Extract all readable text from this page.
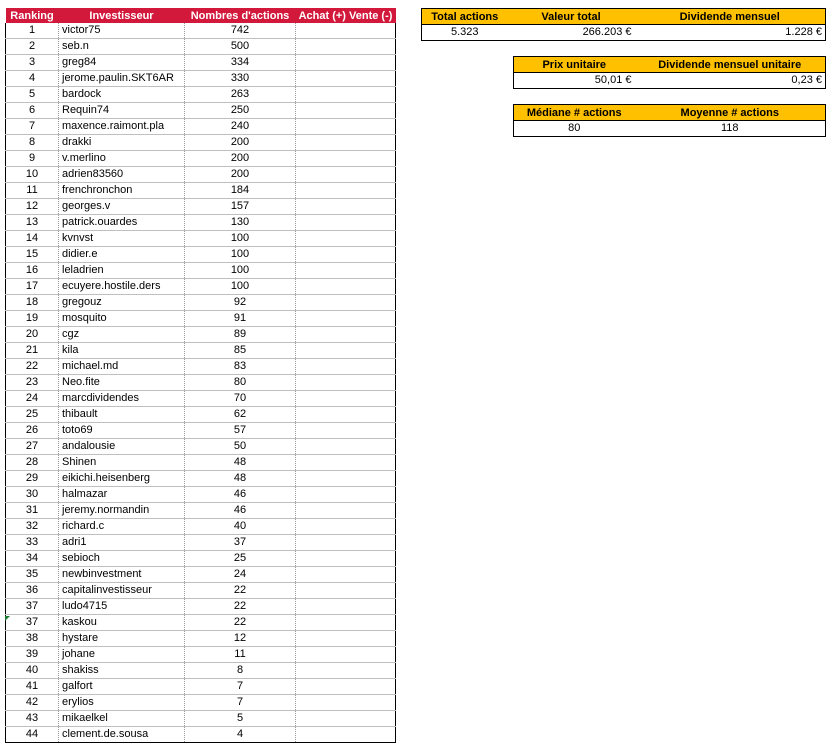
Ranking	Investisseur	Nombres d'actions	Achat (+) Vente (-)
1	victor75	742	
2	seb.n	500	
3	greg84	334	
4	jerome.paulin.SKT6AR	330	
5	bardock	263	
6	Requin74	250	
7	maxence.raimont.pla	240	
8	drakki	200	
9	v.merlino	200	
10	adrien83560	200	
11	frenchronchon	184	
12	georges.v	157	
13	patrick.ouardes	130	
14	kvnvst	100	
15	didier.e	100	
16	leladrien	100	
17	ecuyere.hostile.ders	100	
18	gregouz	92	
19	mosquito	91	
20	cgz	89	
21	kila	85	
22	michael.md	83	
23	Neo.fite	80	
24	marcdividendes	70	
25	thibault	62	
26	toto69	57	
27	andalousie	50	
28	Shinen	48	
29	eikichi.heisenberg	48	
30	halmazar	46	
31	jeremy.normandin	46	
32	richard.c	40	
33	adri1	37	
34	sebioch	25	
35	newbinvestment	24	
36	capitalinvestisseur	22	
37	ludo4715	22	
37	kaskou	22	
38	hystare	12	
39	johane	11	
40	shakiss	8	
41	galfort	7	
42	erylios	7	
43	mikaelkel	5	
44	clement.de.sousa	4	
Total actions	Valeur total	Dividende mensuel
5.323	266.203 €	1.228 €
Prix unitaire	Dividende mensuel unitaire
50,01 €	0,23 €
Médiane # actions	Moyenne # actions
80	118
